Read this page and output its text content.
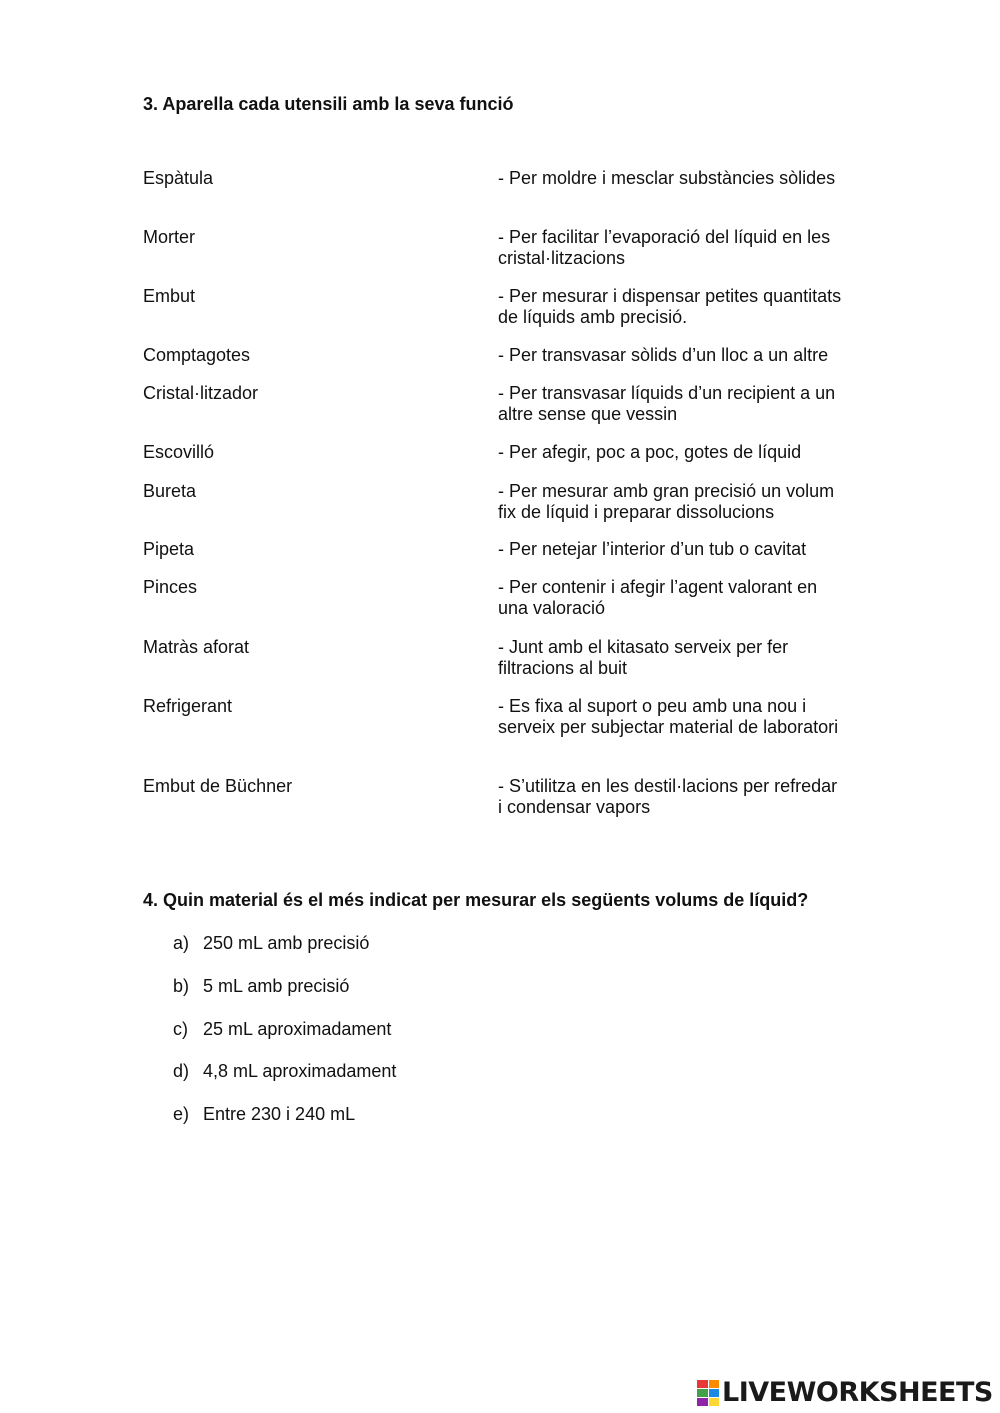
3. Aparella cada utensili amb la seva funció
Espàtula	- Per moldre i mesclar substàncies sòlides
Morter	- Per facilitar l’evaporació del líquid en les cristal·litzacions
Embut	- Per mesurar i dispensar petites quantitats de líquids amb precisió.
Comptagotes	- Per transvasar sòlids d’un lloc a un altre
Cristal·litzador	- Per transvasar líquids d’un recipient a un altre sense que vessin
Escovilló	- Per afegir, poc a poc, gotes de líquid
Bureta	- Per mesurar amb gran precisió un volum fix de líquid i preparar dissolucions
Pipeta	- Per netejar l’interior d’un tub o cavitat
Pinces	- Per contenir i afegir l’agent valorant en una valoració
Matràs aforat	- Junt amb el kitasato serveix per fer filtracions al buit
Refrigerant	- Es fixa al suport o peu amb una nou i serveix per subjectar material de laboratori
Embut de Büchner	- S’utilitza en les destil·lacions per refredar i condensar vapors
4. Quin material és el més indicat per mesurar els següents volums de líquid?
a) 250 mL amb precisió
b) 5 mL amb precisió
c) 25 mL aproximadament
d) 4,8 mL aproximadament
e) Entre 230 i 240 mL
LIVEWORKSHEETS
